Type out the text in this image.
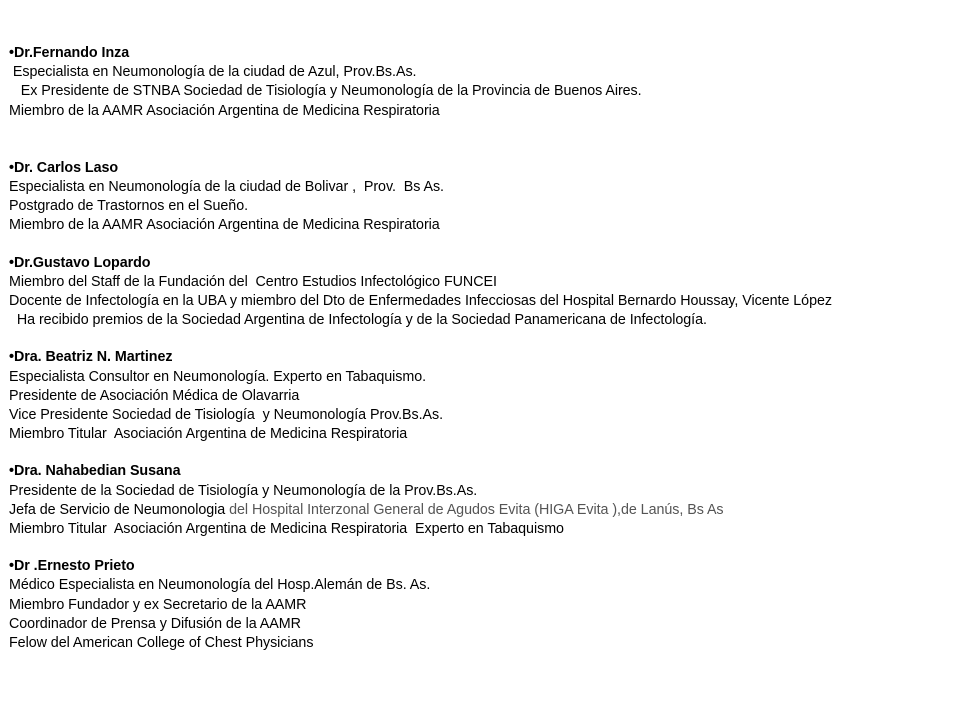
•Dr.Fernando Inza
Especialista en Neumonología de la ciudad de Azul, Prov.Bs.As.
Ex Presidente de STNBA Sociedad de Tisiología y Neumonología de la Provincia de Buenos Aires.
Miembro de la AAMR Asociación Argentina de Medicina Respiratoria
•Dr. Carlos Laso
Especialista en Neumonología de la ciudad de Bolivar ,  Prov.  Bs As.
Postgrado de Trastornos en el Sueño.
Miembro de la AAMR Asociación Argentina de Medicina Respiratoria
•Dr.Gustavo Lopardo
Miembro del Staff de la Fundación del  Centro Estudios Infectológico FUNCEI
Docente de Infectología en la UBA y miembro del Dto de Enfermedades Infecciosas del Hospital Bernardo Houssay, Vicente López
Ha recibido premios de la Sociedad Argentina de Infectología y de la Sociedad Panamericana de Infectología.
•Dra. Beatriz N. Martinez
Especialista Consultor en Neumonología. Experto en Tabaquismo.
Presidente de Asociación Médica de Olavarria
Vice Presidente Sociedad de Tisiología  y Neumonología Prov.Bs.As.
Miembro Titular  Asociación Argentina de Medicina Respiratoria
•Dra. Nahabedian Susana
Presidente de la Sociedad de Tisiología y Neumonología de la Prov.Bs.As.
Jefa de Servicio de Neumonologia del Hospital Interzonal General de Agudos Evita (HIGA Evita ),de Lanús, Bs As
Miembro Titular  Asociación Argentina de Medicina Respiratoria  Experto en Tabaquismo
•Dr .Ernesto Prieto
Médico Especialista en Neumonología del Hosp.Alemán de Bs. As.
Miembro Fundador y ex Secretario de la AAMR
Coordinador de Prensa y Difusión de la AAMR
Felow del American College of Chest Physicians
